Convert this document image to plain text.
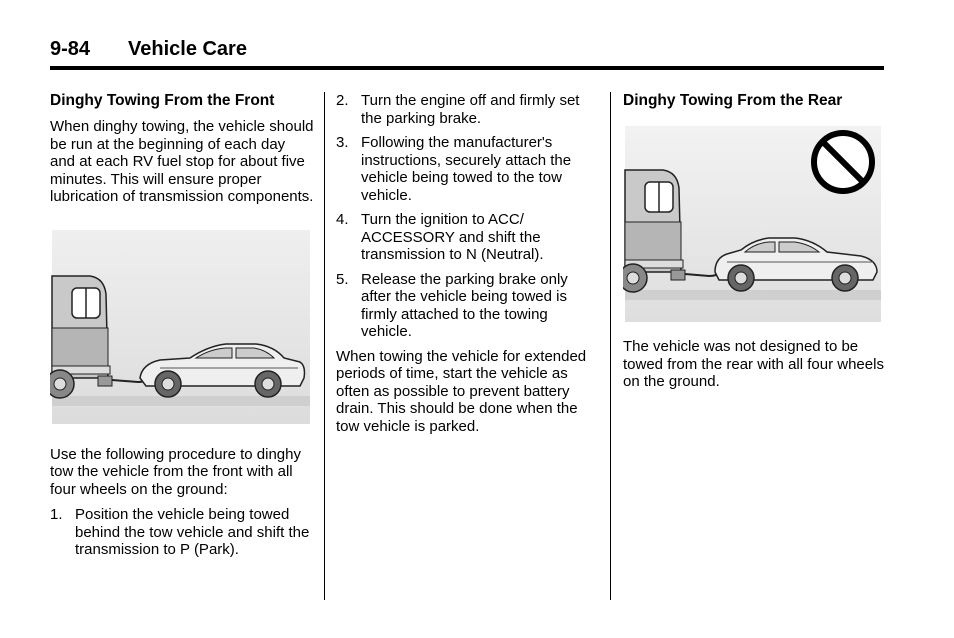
9-84 Vehicle Care
Dinghy Towing From the Front

When dinghy towing, the vehicle should be run at the beginning of each day and at each RV fuel stop for about five minutes. This will ensure proper lubrication of transmission components.

Use the following procedure to dinghy tow the vehicle from the front with all four wheels on the ground:

1. Position the vehicle being towed behind the tow vehicle and shift the transmission to P (Park).
2. Turn the engine off and firmly set the parking brake.
3. Following the manufacturer's instructions, securely attach the vehicle being towed to the tow vehicle.
4. Turn the ignition to ACC/ ACCESSORY and shift the transmission to N (Neutral).
5. Release the parking brake only after the vehicle being towed is firmly attached to the towing vehicle.

When towing the vehicle for extended periods of time, start the vehicle as often as possible to prevent battery drain. This should be done when the tow vehicle is parked.

Dinghy Towing From the Rear

The vehicle was not designed to be towed from the rear with all four wheels on the ground.
